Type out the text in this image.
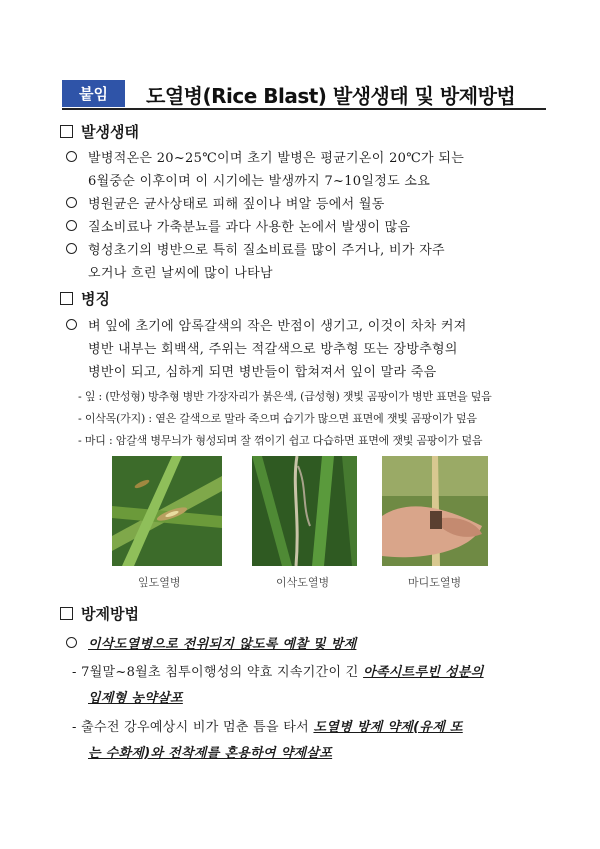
붙임	도열병(Rice Blast) 발생생태 및 방제방법
발생생태
발병적온은 20~25℃이며 초기 발병은 평균기온이 20℃가 되는
6월중순 이후이며 이 시기에는 발생까지 7~10일정도 소요
병원균은 균사상태로 피해 짚이나 벼알 등에서 월동
질소비료나 가축분뇨를 과다 사용한 논에서 발생이 많음
형성초기의 병반으로 특히 질소비료를 많이 주거나, 비가 자주
오거나 흐린 날씨에 많이 나타남
병징
벼 잎에 초기에 암록갈색의 작은 반점이 생기고, 이것이 차차 커져
병반 내부는 회백색, 주위는 적갈색으로 방추형 또는 장방추형의
병반이 되고, 심하게 되면 병반들이 합쳐져서 잎이 말라 죽음
- 잎 : (만성형) 방추형 병반 가장자리가 붉은색, (급성형) 잿빛 곰팡이가 병반 표면을 덮음
- 이삭목(가지) : 옅은 갈색으로 말라 죽으며 습기가 많으면 표면에 잿빛 곰팡이가 덮음
- 마디 : 암갈색 병무늬가 형성되며 잘 꺾이기 쉽고 다습하면 표면에 잿빛 곰팡이가 덮음
잎도열병	이삭도열병	마디도열병
방제방법
이삭도열병으로 전위되지 않도록 예찰 및 방제
- 7월말~8월초 침투이행성의 약효 지속기간이 긴 아족시트루빈 성분의
입제형 농약살포
- 출수전 강우예상시 비가 멈춘 틈을 타서 도열병 방제 약제(유제 또
는 수화제)와 전착제를 혼용하여 약제살포
